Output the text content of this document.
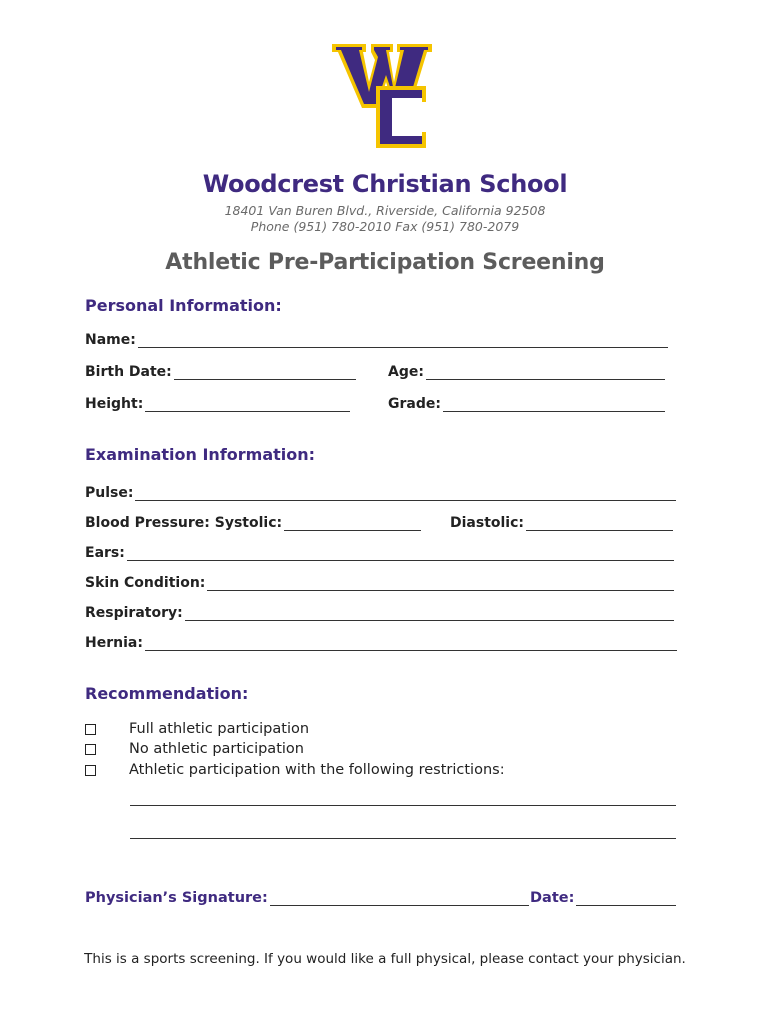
Woodcrest Christian School
18401 Van Buren Blvd., Riverside, California 92508
Phone (951) 780-2010 Fax (951) 780-2079
Athletic Pre-Participation Screening
Personal Information:
Name:
Birth Date:	Age:
Height:	Grade:
Examination Information:
Pulse:
Blood Pressure: Systolic:	Diastolic:
Ears:
Skin Condition:
Respiratory:
Hernia:
Recommendation:
Full athletic participation
No athletic participation
Athletic participation with the following restrictions:
Physician’s Signature:	Date:
This is a sports screening. If you would like a full physical, please contact your physician.
